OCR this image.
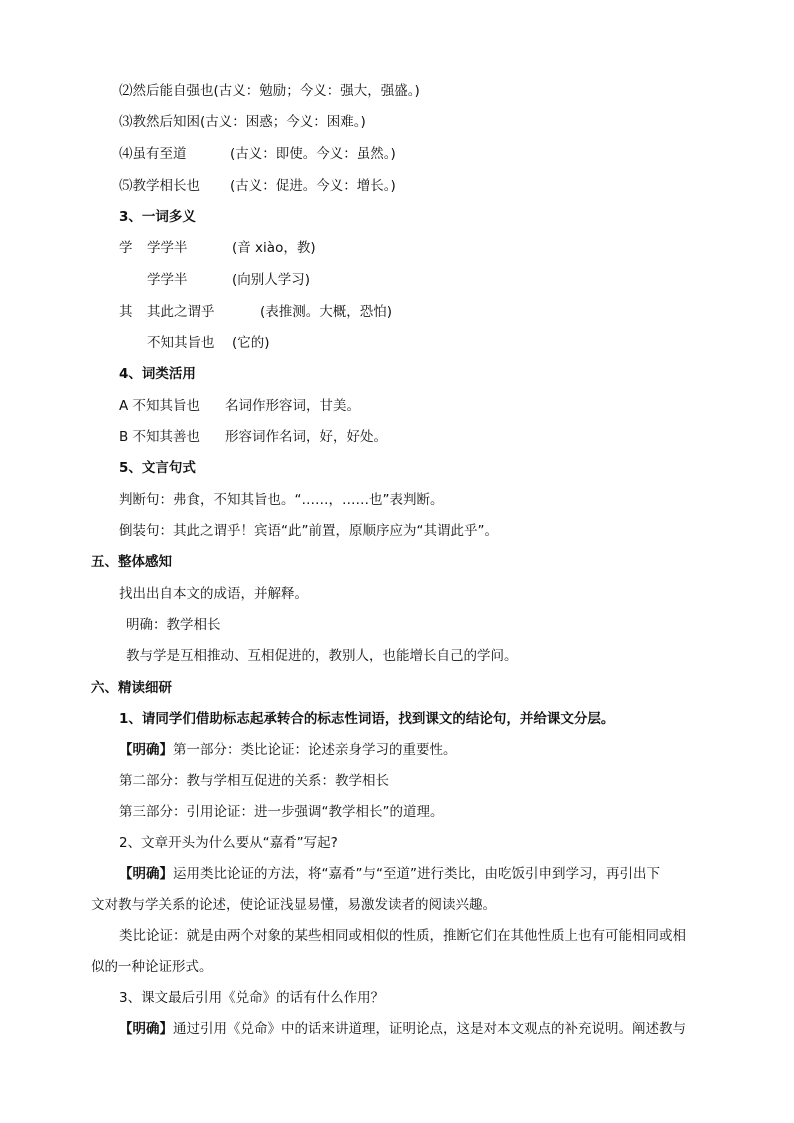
⑵然后能自强也(古义：勉励；今义：强大，强盛。)
⑶教然后知困(古义：困惑；今义：困难。)
⑷虽有至道	(古义：即使。今义：虽然。)
⑸教学相长也 (古义：促进。今义：增长。)
3、一词多义
学 学学半	(音 xiào，教)
学学半	(向别人学习)
其 其此之谓乎	(表推测。大概，恐怕)
不知其旨也 (它的)
4、词类活用
A 不知其旨也 名词作形容词，甘美。
B 不知其善也 形容词作名词，好，好处。
5、文言句式
判断句：弗食，不知其旨也。“……，……也”表判断。
倒装句：其此之谓乎！宾语“此”前置，原顺序应为“其谓此乎”。
五、整体感知
找出出自本文的成语，并解释。
明确：教学相长
教与学是互相推动、互相促进的，教别人，也能增长自己的学问。
六、精读细研
1、请同学们借助标志起承转合的标志性词语，找到课文的结论句，并给课文分层。
【明确】第一部分：类比论证：论述亲身学习的重要性。
第二部分：教与学相互促进的关系：教学相长
第三部分：引用论证：进一步强调“教学相长”的道理。
2、文章开头为什么要从“嘉肴”写起?
【明确】运用类比论证的方法，将“嘉肴”与“至道”进行类比，由吃饭引申到学习，再引出下
文对教与学关系的论述，使论证浅显易懂，易激发读者的阅读兴趣。
类比论证：就是由两个对象的某些相同或相似的性质，推断它们在其他性质上也有可能相同或相
似的一种论证形式。
3、课文最后引用《兑命》的话有什么作用？
【明确】通过引用《兑命》中的话来讲道理，证明论点，这是对本文观点的补充说明。阐述教与
